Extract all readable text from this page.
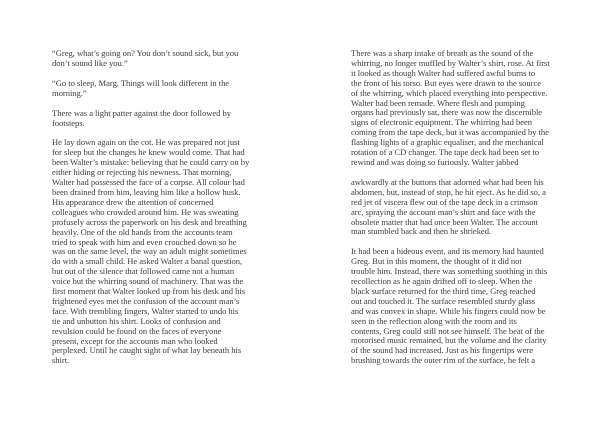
“Greg, what’s going on? You don’t sound sick, but you
don’t sound like you.”

“Go to sleep, Marg. Things will look different in the
morning.”

There was a light patter against the door followed by
footsteps.

He lay down again on the cot. He was prepared not just
for sleep but the changes he knew would come. That had
been Walter’s mistake: believing that he could carry on by
either hiding or rejecting his newness. That morning,
Walter had possessed the face of a corpse. All colour had
been drained from him, leaving him like a hollow husk.
His appearance drew the attention of concerned
colleagues who crowded around him. He was sweating
profusely across the paperwork on his desk and breathing
heavily. One of the old hands from the accounts team
tried to speak with him and even crouched down so he
was on the same level, the way an adult might sometimes
do with a small child. He asked Walter a banal question,
but out of the silence that followed came not a human
voice but the whirring sound of machinery. That was the
first moment that Walter looked up from his desk and his
frightened eyes met the confusion of the account man’s
face. With trembling fingers, Walter started to undo his
tie and unbutton his shirt. Looks of confusion and
revulsion could be found on the faces of everyone
present, except for the accounts man who looked
perplexed. Until he caught sight of what lay beneath his
shirt.

There was a sharp intake of breath as the sound of the
whirring, no longer muffled by Walter’s shirt, rose. At first
it looked as though Walter had suffered awful burns to
the front of his torso. But eyes were drawn to the source
of the whirring, which placed everything into perspective.
Walter had been remade. Where flesh and pumping
organs had previously sat, there was now the discernible
signs of electronic equipment. The whirring had been
coming from the tape deck, but it was accompanied by the
flashing lights of a graphic equaliser, and the mechanical
rotation of a CD changer. The tape deck had been set to
rewind and was doing so furiously. Walter jabbed

awkwardly at the buttons that adorned what had been his
abdomen, but, instead of stop, he hit eject. As he did so, a
red jet of viscera flew out of the tape deck in a crimson
arc, spraying the account man’s shirt and face with the
obsolete matter that had once been Walter. The account
man stumbled back and then he shrieked.

It had been a hideous event, and its memory had haunted
Greg. But in this moment, the thought of it did not
trouble him. Instead, there was something soothing in this
recollection as he again drifted off to sleep. When the
black surface returned for the third time, Greg reached
out and touched it. The surface resembled sturdy glass
and was convex in shape. While his fingers could now be
seen in the reflection along with the room and its
contents, Greg could still not see himself. The beat of the
motorised music remained, but the volume and the clarity
of the sound had increased. Just as his fingertips were
brushing towards the outer rim of the surface, he felt a
